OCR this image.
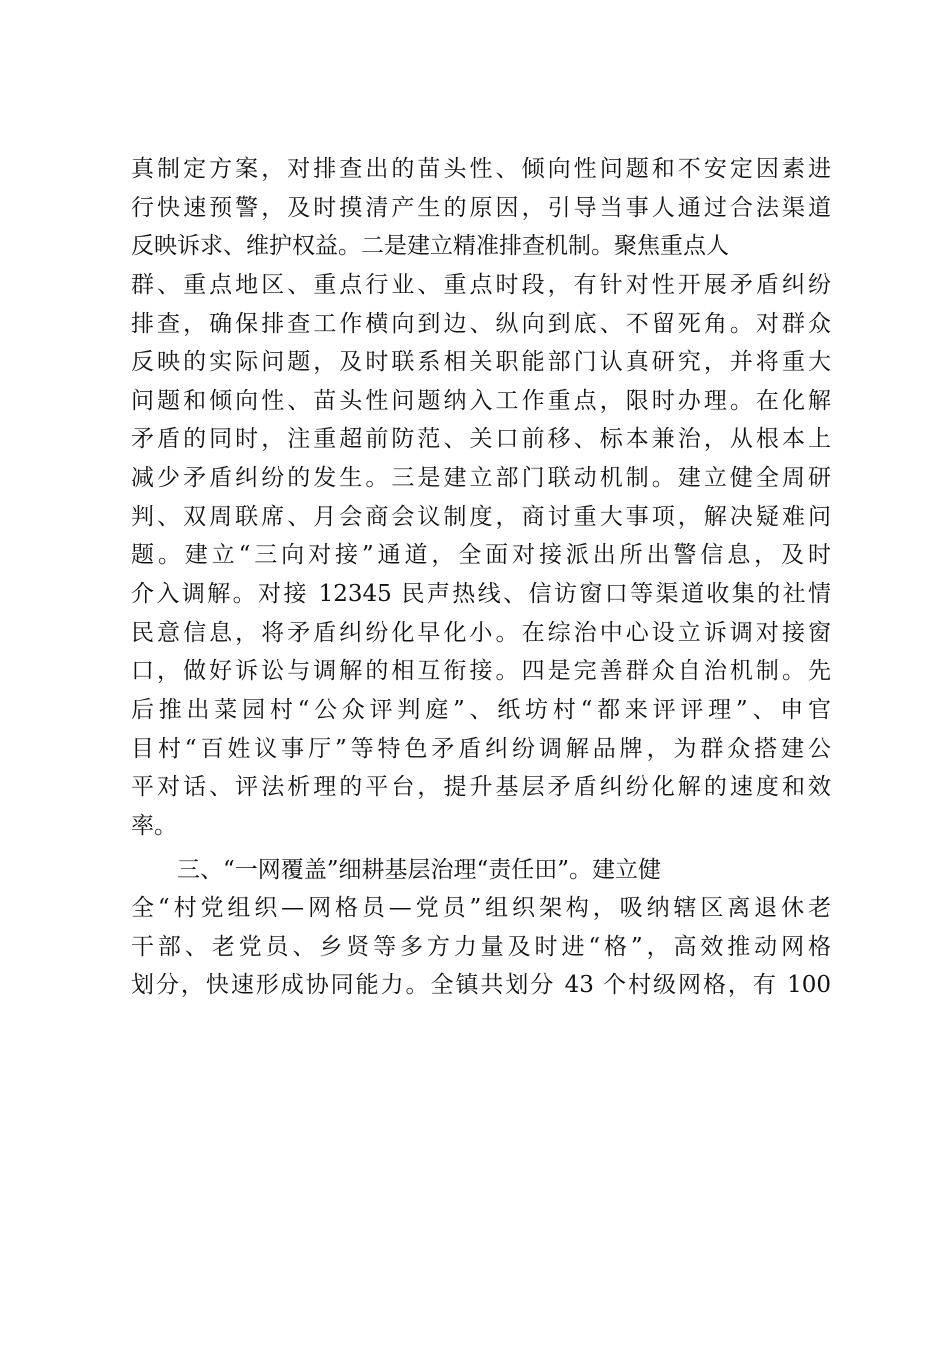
真制定方案，对排查出的苗头性、倾向性问题和不安定因素进
行快速预警，及时摸清产生的原因，引导当事人通过合法渠道
反映诉求、维护权益。二是建立精准排查机制。聚焦重点人
群、重点地区、重点行业、重点时段，有针对性开展矛盾纠纷
排查，确保排查工作横向到边、纵向到底、不留死角。对群众
反映的实际问题，及时联系相关职能部门认真研究，并将重大
问题和倾向性、苗头性问题纳入工作重点，限时办理。在化解
矛盾的同时，注重超前防范、关口前移、标本兼治，从根本上
减少矛盾纠纷的发生。三是建立部门联动机制。建立健全周研
判、双周联席、月会商会议制度，商讨重大事项，解决疑难问
题。建立“三向对接”通道，全面对接派出所出警信息，及时
介入调解。对接 12345 民声热线、信访窗口等渠道收集的社情
民意信息，将矛盾纠纷化早化小。在综治中心设立诉调对接窗
口，做好诉讼与调解的相互衔接。四是完善群众自治机制。先
后推出菜园村“公众评判庭”、纸坊村“都来评评理”、申官
目村“百姓议事厅”等特色矛盾纠纷调解品牌，为群众搭建公
平对话、评法析理的平台，提升基层矛盾纠纷化解的速度和效
率。
三、“一网覆盖”细耕基层治理“责任田”。建立健
全“村党组织—网格员—党员”组织架构，吸纳辖区离退休老
干部、老党员、乡贤等多方力量及时进“格”，高效推动网格
划分，快速形成协同能力。全镇共划分 43 个村级网格，有 100
